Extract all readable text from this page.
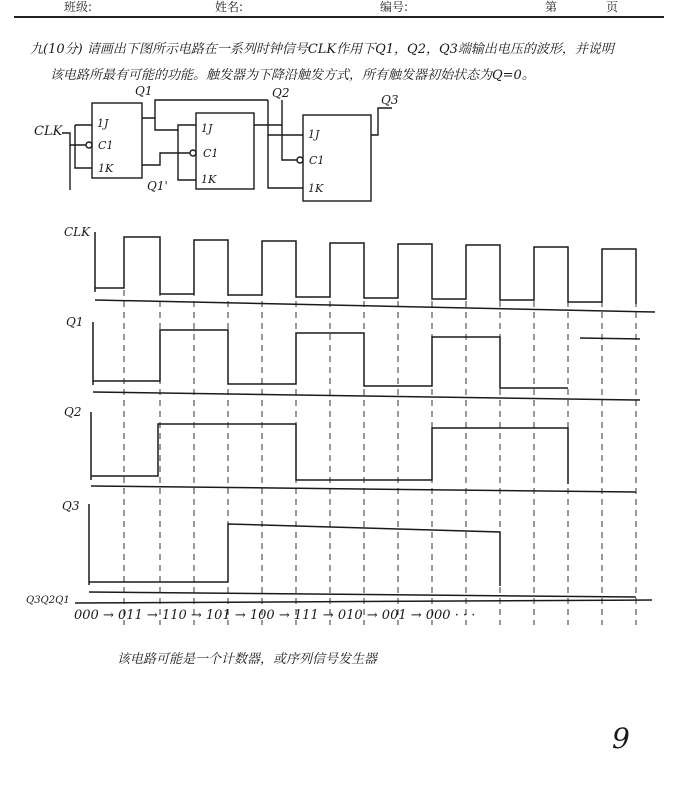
班级:	姓名:	编号:	第	页
九(10分) 请画出下图所示电路在一系列时钟信号CLK作用下Q1，Q2，Q3端输出电压的波形，并说明
该电路所最有可能的功能。触发器为下降沿触发方式，所有触发器初始状态为Q=0。
CLK
1J
C1
1K
1J
C1
1K
1J
C1
1K
Q1
Q1'
Q2	Q3
CLK
Q1
Q2
Q3
Q3Q2Q1
000 → 011 → 110 → 101 → 100 → 111 → 010 → 001 → 000 · · ·
该电路可能是一个计数器，或序列信号发生器
9
